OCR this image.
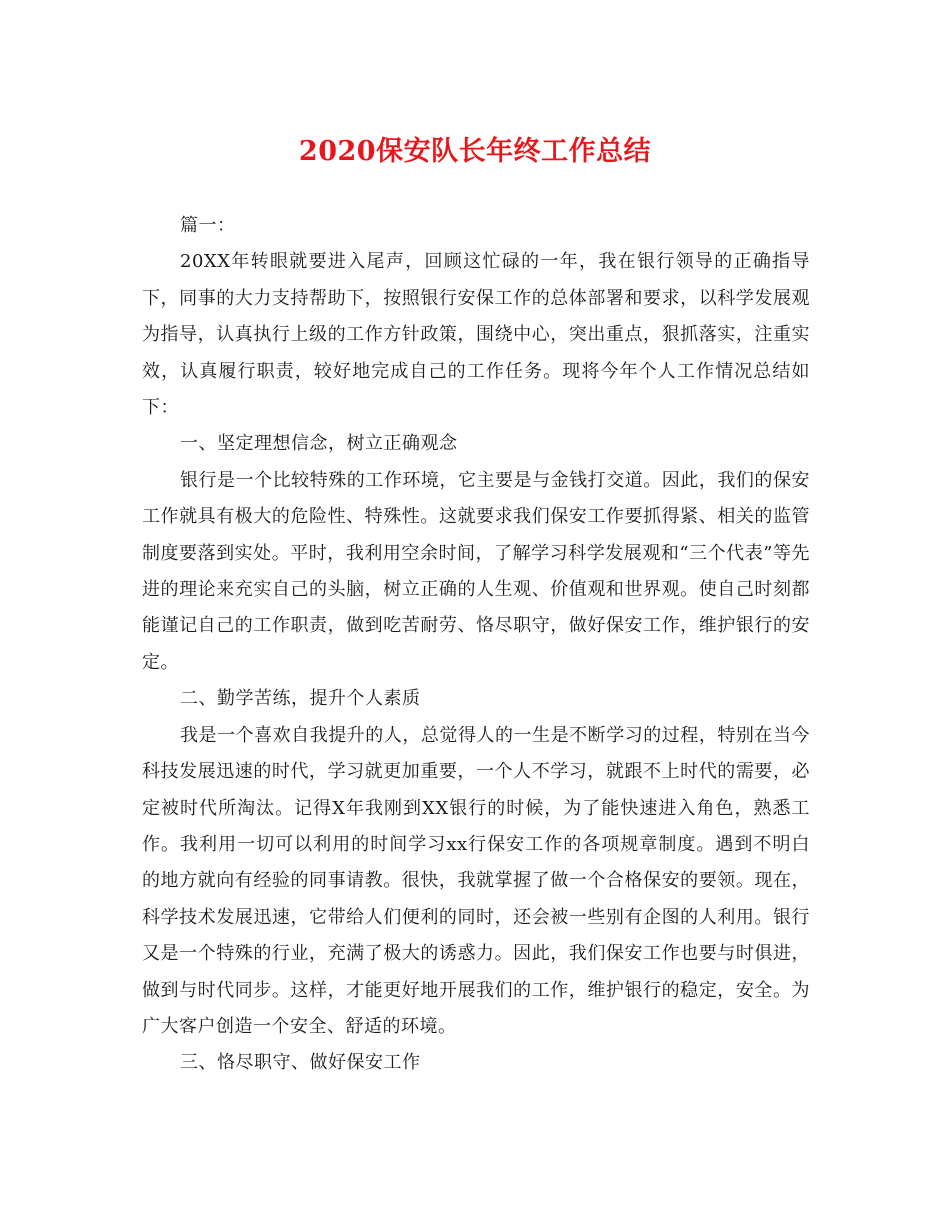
2020保安队长年终工作总结

篇一：

20XX年转眼就要进入尾声，回顾这忙碌的一年，我在银行领导的正确指导下，同事的大力支持帮助下，按照银行安保工作的总体部署和要求，以科学发展观为指导，认真执行上级的工作方针政策，围绕中心，突出重点，狠抓落实，注重实效，认真履行职责，较好地完成自己的工作任务。现将今年个人工作情况总结如下：

一、坚定理想信念，树立正确观念

银行是一个比较特殊的工作环境，它主要是与金钱打交道。因此，我们的保安工作就具有极大的危险性、特殊性。这就要求我们保安工作要抓得紧、相关的监管制度要落到实处。平时，我利用空余时间，了解学习科学发展观和“三个代表”等先进的理论来充实自己的头脑，树立正确的人生观、价值观和世界观。使自己时刻都能谨记自己的工作职责，做到吃苦耐劳、恪尽职守，做好保安工作，维护银行的安定。

二、勤学苦练，提升个人素质

我是一个喜欢自我提升的人，总觉得人的一生是不断学习的过程，特别在当今科技发展迅速的时代，学习就更加重要，一个人不学习，就跟不上时代的需要，必定被时代所淘汰。记得X年我刚到XX银行的时候，为了能快速进入角色，熟悉工作。我利用一切可以利用的时间学习xx行保安工作的各项规章制度。遇到不明白的地方就向有经验的同事请教。很快，我就掌握了做一个合格保安的要领。现在，科学技术发展迅速，它带给人们便利的同时，还会被一些别有企图的人利用。银行又是一个特殊的行业，充满了极大的诱惑力。因此，我们保安工作也要与时俱进，做到与时代同步。这样，才能更好地开展我们的工作，维护银行的稳定，安全。为广大客户创造一个安全、舒适的环境。

三、恪尽职守、做好保安工作
